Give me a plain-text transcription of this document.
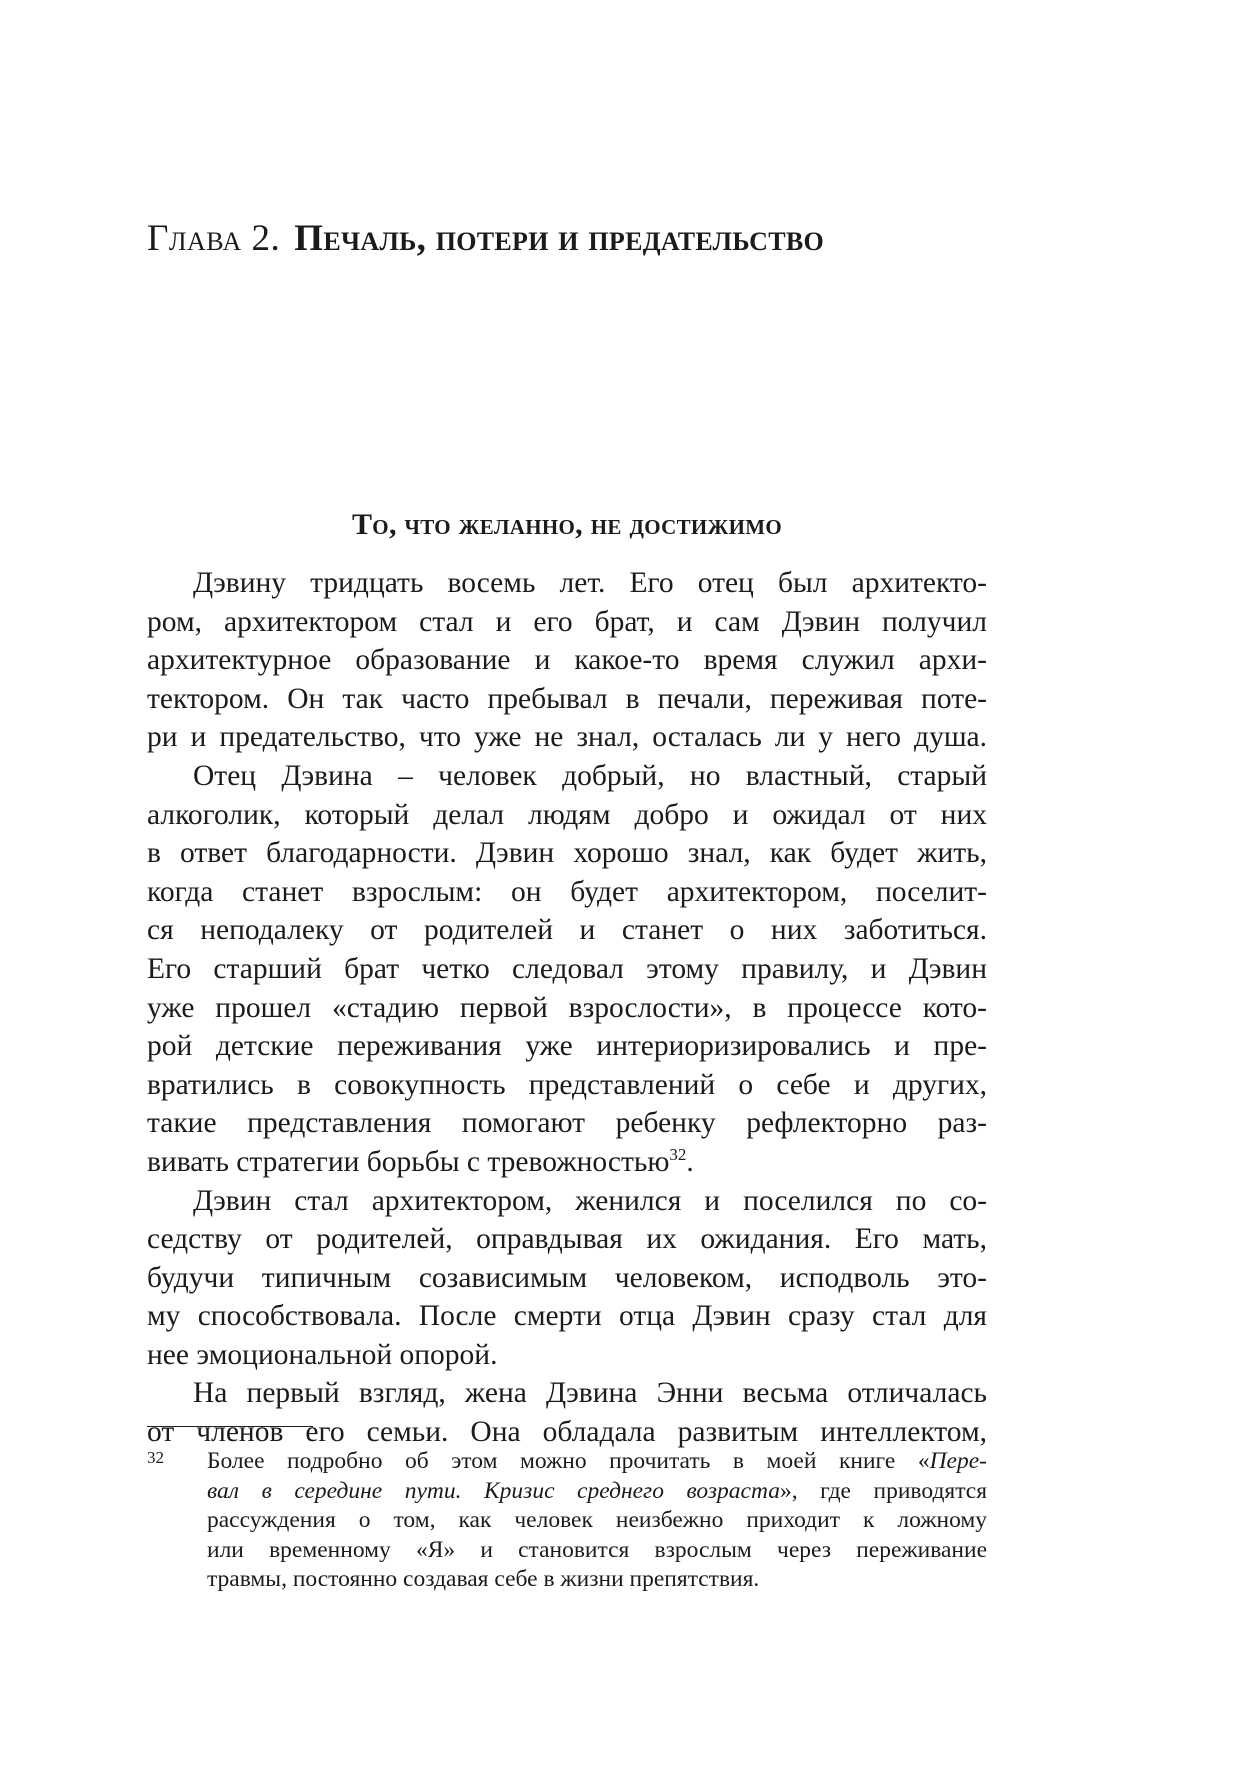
Глава 2. Печаль, потери и предательство
То, что желанно, не достижимо

Дэвину тридцать восемь лет. Его отец был архитекто-
ром, архитектором стал и его брат, и сам Дэвин получил
архитектурное образование и какое-то время служил архи-
тектором. Он так часто пребывал в печали, переживая поте-
ри и предательство, что уже не знал, осталась ли у него душа.

Отец Дэвина – человек добрый, но властный, старый
алкоголик, который делал людям добро и ожидал от них
в ответ благодарности. Дэвин хорошо знал, как будет жить,
когда станет взрослым: он будет архитектором, поселит-
ся неподалеку от родителей и станет о них заботиться.
Его старший брат четко следовал этому правилу, и Дэвин
уже прошел «стадию первой взрослости», в процессе кото-
рой детские переживания уже интериоризировались и пре-
вратились в совокупность представлений о себе и других,
такие представления помогают ребенку рефлекторно раз-
вивать стратегии борьбы с тревожностью$^{32}$.

Дэвин стал архитектором, женился и поселился по со-
седству от родителей, оправдывая их ожидания. Его мать,
будучи типичным созависимым человеком, исподволь это-
му способствовала. После смерти отца Дэвин сразу стал для
нее эмоциональной опорой.

На первый взгляд, жена Дэвина Энни весьма отличалась
от членов его семьи. Она обладала развитым интеллектом,

32 Более подробно об этом можно прочитать в моей книге «Пере-
вал в середине пути. Кризис среднего возраста», где приводятся
рассуждения о том, как человек неизбежно приходит к ложному
или временному «Я» и становится взрослым через переживание
травмы, постоянно создавая себе в жизни препятствия.
